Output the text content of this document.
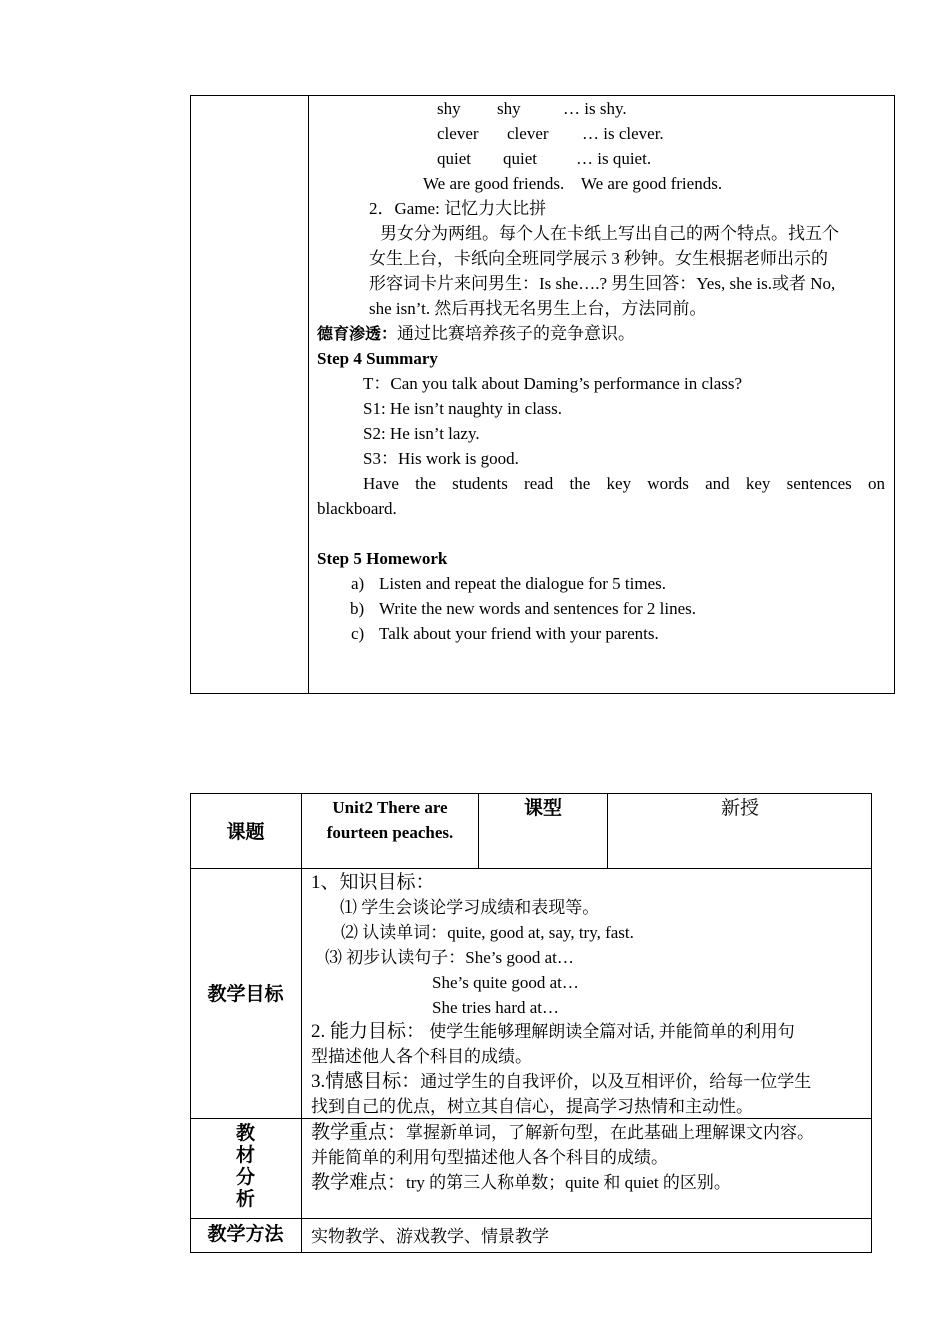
shy shy … is shy.
clever clever … is clever.
quiet quiet … is quiet.
We are good friends.    We are good friends.
2．Game: 记忆力大比拼
男女分为两组。每个人在卡纸上写出自己的两个特点。找五个
女生上台，卡纸向全班同学展示 3 秒钟。女生根据老师出示的
形容词卡片来问男生：Is she….? 男生回答：Yes, she is.或者 No,
she isn’t. 然后再找无名男生上台，方法同前。
德育渗透：通过比赛培养孩子的竞争意识。
Step 4 Summary
T：Can you talk about Daming’s performance in class?
S1: He isn’t naughty in class.
S2: He isn’t lazy.
S3：His work is good.
Have the students read the key words and key sentences on
blackboard.
Step 5 Homework
a) Listen and repeat the dialogue for 5 times.
b) Write the new words and sentences for 2 lines.
c) Talk about your friend with your parents.
课题
Unit2 There are
fourteen peaches.
课型	新授
教学目标
1、知识目标：
⑴ 学生会谈论学习成绩和表现等。
⑵ 认读单词：quite, good at, say, try, fast.
⑶ 初步认读句子：She’s good at…
She’s quite good at…
She tries hard at…
2. 能力目标： 使学生能够理解朗读全篇对话, 并能简单的利用句
型描述他人各个科目的成绩。
3.情感目标：通过学生的自我评价，以及互相评价，给每一位学生
找到自己的优点，树立其自信心，提高学习热情和主动性。
教
材
分
析
教学重点：掌握新单词，了解新句型，在此基础上理解课文内容。
并能简单的利用句型描述他人各个科目的成绩。
教学难点：try 的第三人称单数；quite 和 quiet 的区别。
教学方法	实物教学、游戏教学、情景教学
